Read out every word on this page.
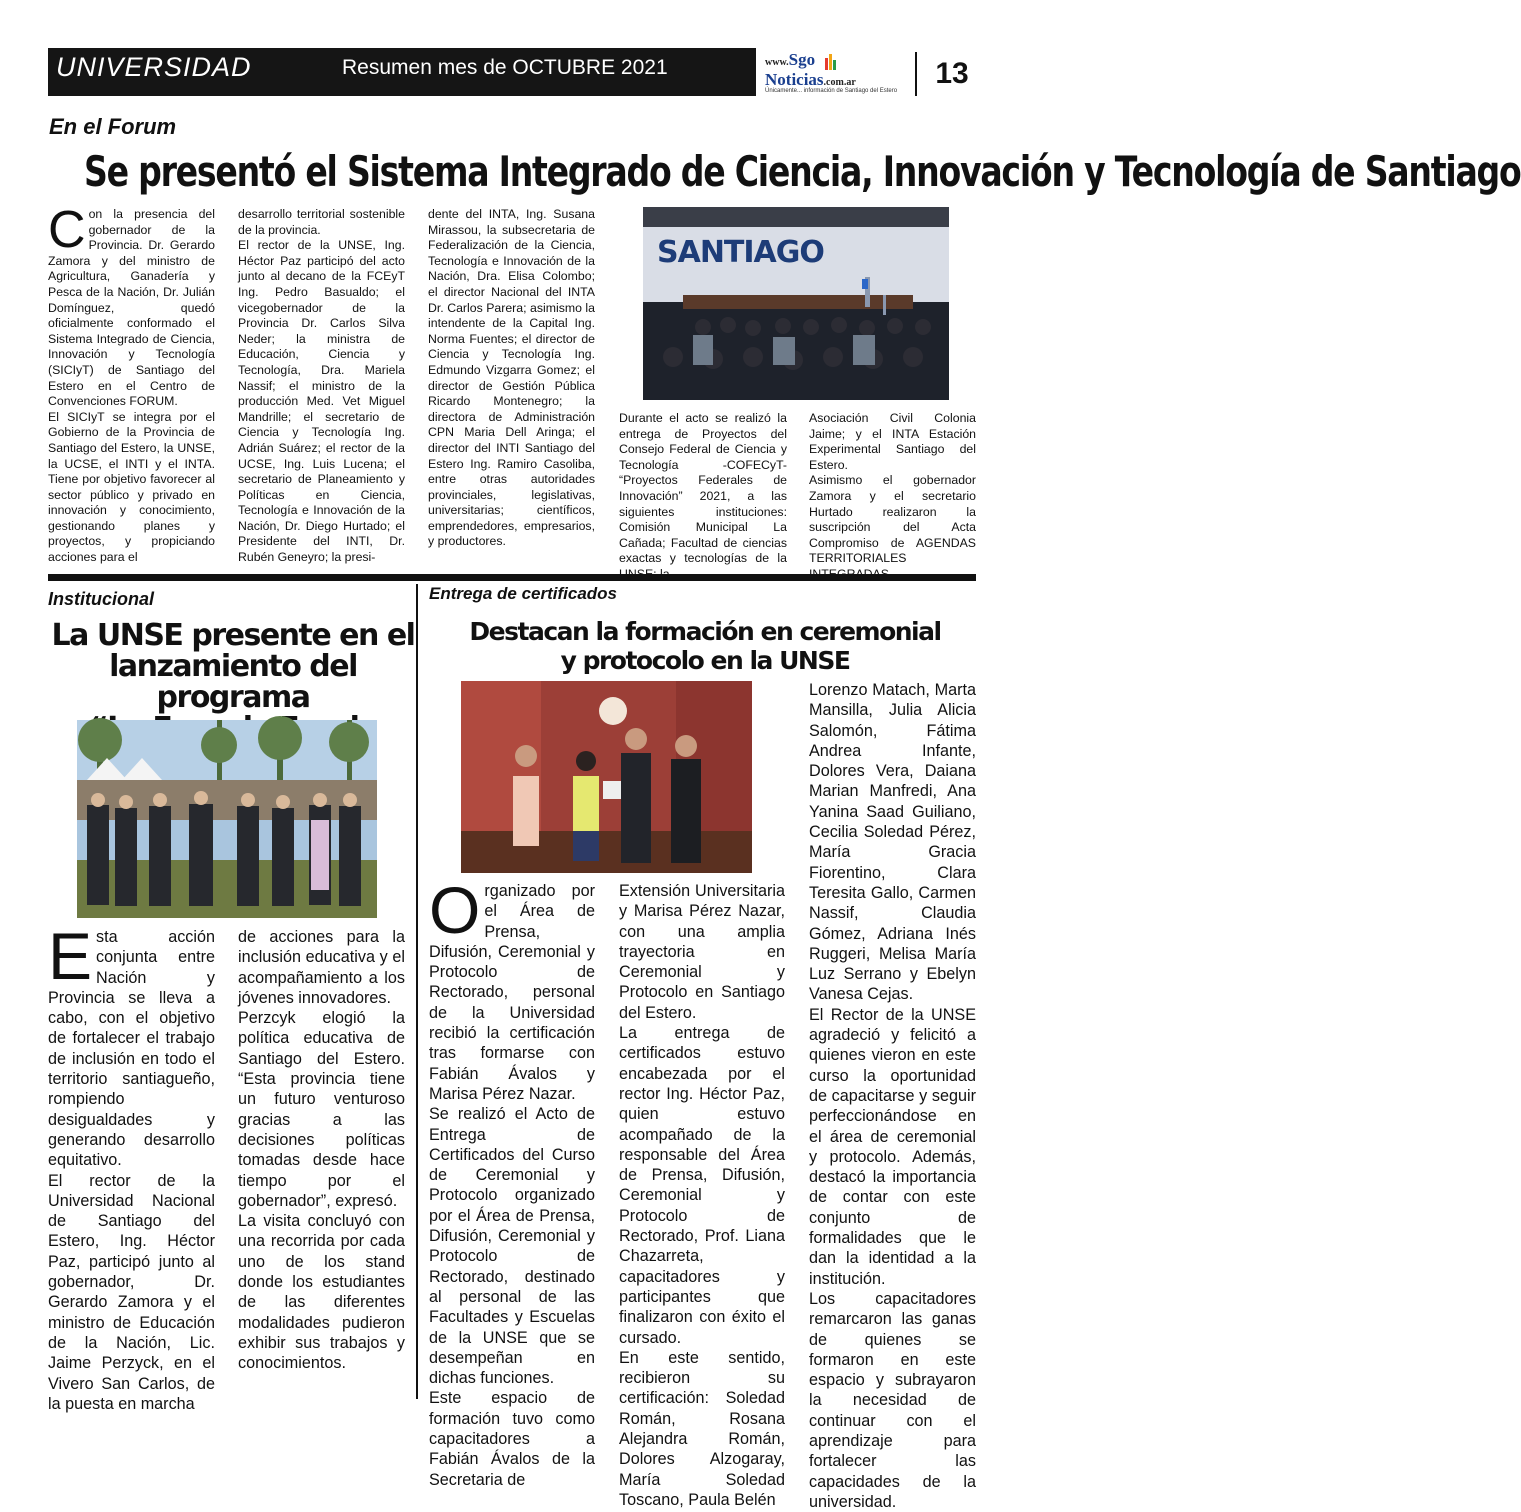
UNIVERSIDAD	Resumen mes de OCTUBRE 2021	www.Sgo Noticias.com.ar
Únicamente... información de Santiago del Estero
13
En el Forum
Se presentó el Sistema Integrado de Ciencia, Innovación y Tecnología de Santiago
C on la presencia del gobernador de la Provincia. Dr. Gerardo Zamora y del ministro de Agricultura, Ganadería y Pesca de la Nación, Dr. Julián Domínguez, quedó oficialmente conformado el Sistema Integrado de Ciencia, Innovación y Tecnología (SICIyT) de Santiago del Estero en el Centro de Convenciones FORUM.

El SICIyT se integra por el Gobierno de la Provincia de Santiago del Estero, la UNSE, la UCSE, el INTI y el INTA. Tiene por objetivo favorecer al sector público y privado en innovación y conocimiento, gestionando planes y proyectos, y propiciando acciones para el

desarrollo territorial sostenible de la provincia.

El rector de la UNSE, Ing. Héctor Paz participó del acto junto al decano de la FCEyT Ing. Pedro Basualdo; el vicegobernador de la Provincia Dr. Carlos Silva Neder; la ministra de Educación, Ciencia y Tecnología, Dra. Mariela Nassif; el ministro de la producción Med. Vet Miguel Mandrille; el secretario de Ciencia y Tecnología Ing. Adrián Suárez; el rector de la UCSE, Ing. Luis Lucena; el secretario de Planeamiento y Políticas en Ciencia, Tecnología e Innovación de la Nación, Dr. Diego Hurtado; el Presidente del INTI, Dr. Rubén Geneyro; la presi-

dente del INTA, Ing. Susana Mirassou, la subsecretaria de Federalización de la Ciencia, Tecnología e Innovación de la Nación, Dra. Elisa Colombo; el director Nacional del INTA Dr. Carlos Parera; asimismo la intendente de la Capital Ing. Norma Fuentes; el director de Ciencia y Tecnología Ing. Edmundo Vizgarra Gomez; el director de Gestión Pública Ricardo Montenegro; la directora de Administración CPN Maria Dell Aringa; el director del INTI Santiago del Estero Ing. Ramiro Casoliba, entre otras autoridades provinciales, legislativas, universitarias; científicos, emprendedores, empresarios, y productores.

SANTIAGO

Durante el acto se realizó la entrega de Proyectos del Consejo Federal de Ciencia y Tecnología -COFECyT- “Proyectos Federales de Innovación” 2021, a las siguientes instituciones: Comisión Municipal La Cañada; Facultad de ciencias exactas y tecnologías de la

Asociación Civil Colonia Jaime; y el INTA Estación Experimental Santiago del Estero.

Asimismo el gobernador Zamora y el secretario Hurtado realizaron la suscripción del Acta Compromiso de AGENDAS TERRITORIALES

Institucional
La UNSE presente en el
lanzamiento del programa
E sta acción conjunta entre Nación y Provincia se lleva a cabo, con el objetivo de fortalecer el trabajo de inclusión en todo el territorio santiagueño, rompiendo desigualdades y generando desarrollo equitativo.

El rector de la Universidad Nacional de Santiago del Estero, Ing. Héctor Paz, participó junto al gobernador, Dr. Gerardo Zamora y el ministro de Educación de la Nación, Lic. Jaime Perzyck, en el Vivero San Carlos, de la puesta en marcha

de acciones para la inclusión educativa y el acompañamiento a los jóvenes innovadores.

Perzcyk elogió la política educativa de Santiago del Estero. “Esta provincia tiene un futuro venturoso gracias a las decisiones políticas tomadas desde hace tiempo por el gobernador”, expresó.

La visita concluyó con una recorrida por cada uno de los stand donde los estudiantes de las diferentes modalidades pudieron exhibir sus trabajos y conocimientos.

Entrega de certificados
Destacan la formación en ceremonial
y protocolo en la UNSE
O rganizado por el Área de Prensa, Difusión, Ceremonial y Protocolo de Rectorado, personal de la Universidad recibió la certificación tras formarse con Fabián Ávalos y Marisa Pérez Nazar.

Se realizó el Acto de Entrega de Certificados del Curso de Ceremonial y Protocolo organizado por el Área de Prensa, Difusión, Ceremonial y Protocolo de Rectorado, destinado al personal de las Facultades y Escuelas de la UNSE que se desempeñan en dichas funciones.

Este espacio de formación tuvo como capacitadores a Fabián Ávalos de la Secretaria de

Extensión Universitaria y Marisa Pérez Nazar, con una amplia trayectoria en Ceremonial y Protocolo en Santiago del Estero.

La entrega de certificados estuvo encabezada por el rector Ing. Héctor Paz, quien estuvo acompañado de la responsable del Área de Prensa, Difusión, Ceremonial y Protocolo de Rectorado, Prof. Liana Chazarreta, capacitadores y participantes que finalizaron con éxito el cursado.

En este sentido, recibieron su certificación: Soledad Román, Rosana Alejandra Román, Dolores Alzogaray, María Soledad Toscano, Paula Belén

Lorenzo Matach, Marta Mansilla, Julia Alicia Salomón, Fátima Andrea Infante, Dolores Vera, Daiana Marian Manfredi, Ana Yanina Saad Guiliano, Cecilia Soledad Pérez, María Gracia Fiorentino, Clara Teresita Gallo, Carmen Nassif, Claudia Gómez, Adriana Inés Ruggeri, Melisa María Luz Serrano y Ebelyn Vanesa Cejas.

El Rector de la UNSE agradeció y felicitó a quienes vieron en este curso la oportunidad de capacitarse y seguir perfeccionándose en el área de ceremonial y protocolo. Además, destacó la importancia de contar con este conjunto de formalidades que le dan la identidad a la institución.

Los capacitadores remarcaron las ganas de quienes se formaron en este espacio y subrayaron la necesidad de continuar con el aprendizaje para fortalecer las capacidades de la universidad.
